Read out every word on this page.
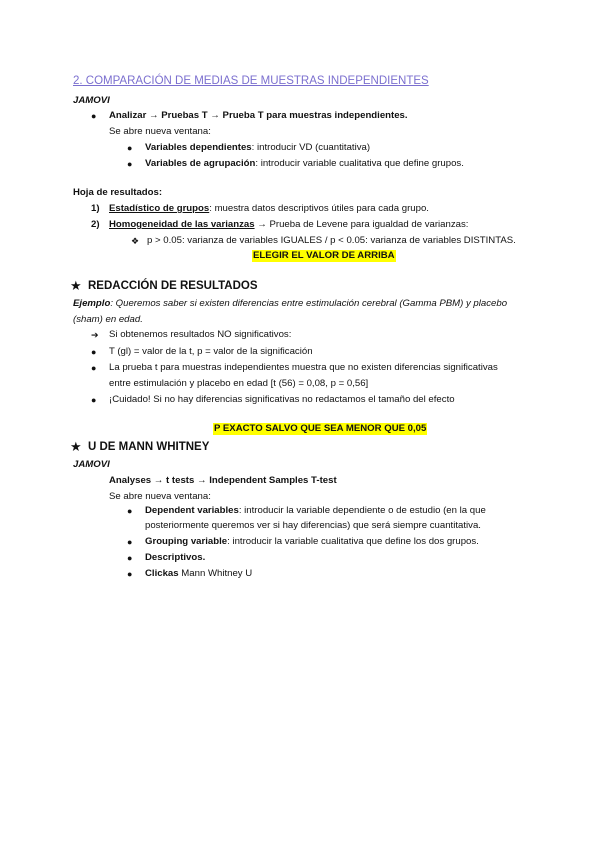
2. COMPARACIÓN DE MEDIAS DE MUESTRAS INDEPENDIENTES
JAMOVI
● Analizar → Pruebas T → Prueba T para muestras independientes.
Se abre nueva ventana:
● Variables dependientes: introducir VD (cuantitativa)
● Variables de agrupación: introducir variable cualitativa que define grupos.
Hoja de resultados:
1) Estadístico de grupos: muestra datos descriptivos útiles para cada grupo.
2) Homogeneidad de las varianzas → Prueba de Levene para igualdad de varianzas:
❖ p > 0.05: varianza de variables IGUALES / p < 0.05: varianza de variables DISTINTAS.
ELEGIR EL VALOR DE ARRIBA
★ REDACCIÓN DE RESULTADOS
Ejemplo: Queremos saber si existen diferencias entre estimulación cerebral (Gamma PBM) y placebo
(sham) en edad.
➔ Si obtenemos resultados NO significativos:
● T (gl) = valor de la t, p = valor de la significación
● La prueba t para muestras independientes muestra que no existen diferencias significativas
entre estimulación y placebo en edad [t (56) = 0,08, p = 0,56]
● ¡Cuidado! Si no hay diferencias significativas no redactamos el tamaño del efecto
P EXACTO SALVO QUE SEA MENOR QUE 0,05
★ U DE MANN WHITNEY
JAMOVI
Analyses → t tests → Independent Samples T-test
Se abre nueva ventana:
● Dependent variables: introducir la variable dependiente o de estudio (en la que
posteriormente queremos ver si hay diferencias) que será siempre cuantitativa.
● Grouping variable: introducir la variable cualitativa que define los dos grupos.
● Descriptivos.
● Clickas Mann Whitney U
